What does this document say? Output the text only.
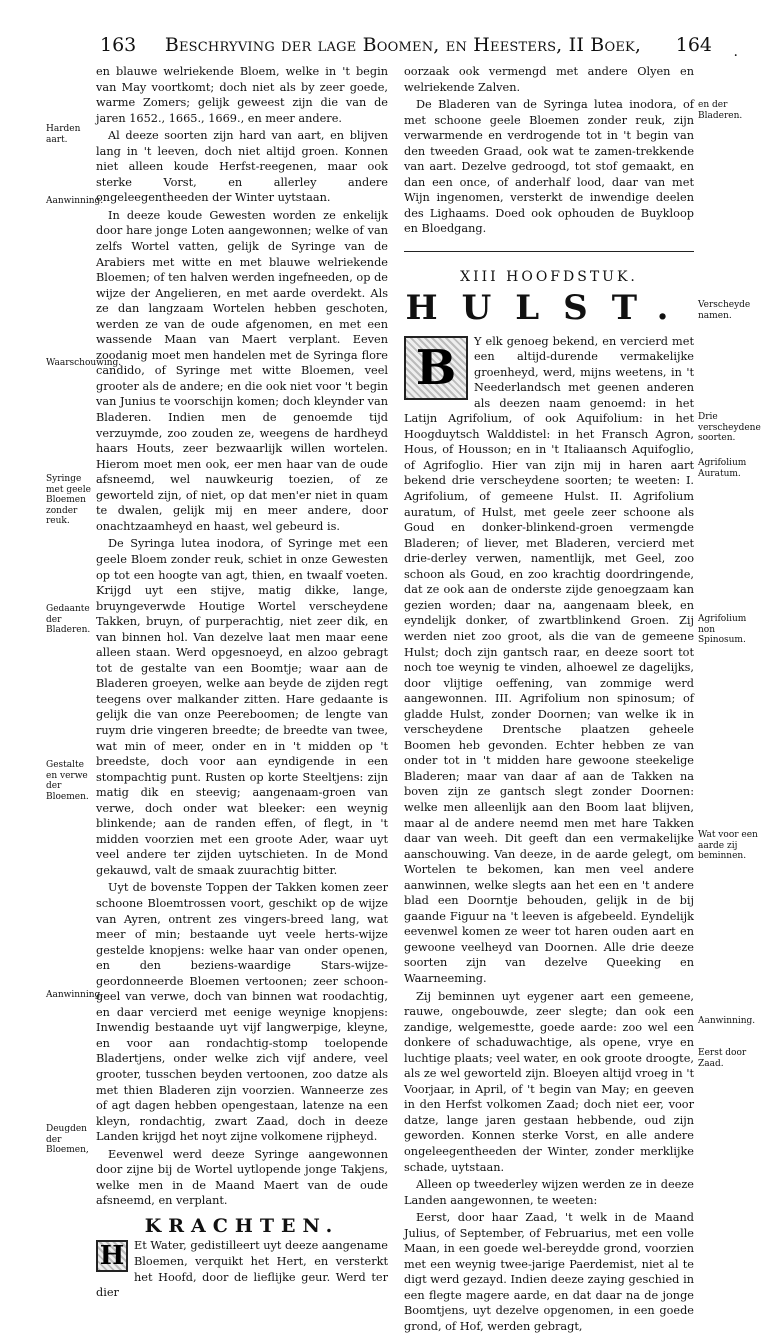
163	Beschryving der lage Boomen, en Heesters, II Boek,	164 .
Harden aart.
Aanwinning.
Waarschouwing.
Syringe met geele Bloemen zonder reuk.
Gedaante der Bladeren.
Gestalte en verwe der Bloemen.
Aanwinning.
Deugden der Bloemen,
en der Bladeren.
Verscheyde namen.
Drie verscheydene soorten.
Agrifolium Auratum.
Agrifolium non Spinosum.
Wat voor een aarde zij beminnen.
Aanwinning.
Eerst door Zaad.

en blauwe welriekende Bloem, welke in 't begin van May voortkomt; doch niet als by zeer goede, warme Zomers; gelijk geweest zijn die van de jaren 1652., 1665., 1669., en meer andere.

Al deeze soorten zijn hard van aart, en blijven lang in 't leeven, doch niet altijd groen. Konnen niet alleen koude Herfst-reegenen, maar ook sterke Vorst, en allerley andere ongeleegentheeden der Winter uytstaan.

In deeze koude Gewesten worden ze enkelijk door hare jonge Loten aangewonnen; welke of van zelfs Wortel vatten, gelijk de Syringe van de Arabiers met witte en met blauwe welriekende Bloemen; of ten halven werden ingefneeden, op de wijze der Angelieren, en met aarde overdekt. Als ze dan langzaam Wortelen hebben geschoten, werden ze van de oude afgenomen, en met een wassende Maan van Maert verplant. Eeven zoodanig moet men handelen met de Syringa flore candido, of Syringe met witte Bloemen, veel grooter als de andere; en die ook niet voor 't begin van Junius te voorschijn komen; doch kleynder van Bladeren. Indien men de genoemde tijd verzuymde, zoo zouden ze, weegens de hardheyd haars Houts, zeer bezwaarlijk willen wortelen. Hierom moet men ook, eer men haar van de oude afsneemd, wel nauwkeurig toezien, of ze geworteld zijn, of niet, op dat men'er niet in quam te dwalen, gelijk mij en meer andere, door onachtzaamheyd en haast, wel gebeurd is.

De Syringa lutea inodora, of Syringe met een geele Bloem zonder reuk, schiet in onze Gewesten op tot een hoogte van agt, thien, en twaalf voeten. Krijgd uyt een stijve, matig dikke, lange, bruyngeverwde Houtige Wortel verscheydene Takken, bruyn, of purperachtig, niet zeer dik, en van binnen hol. Van dezelve laat men maar eene alleen staan. Werd opgesnoeyd, en alzoo gebragt tot de gestalte van een Boomtje; waar aan de Bladeren groeyen, welke aan beyde de zijden regt teegens over malkander zitten. Hare gedaante is gelijk die van onze Peereboomen; de lengte van ruym drie vingeren breedte; de breedte van twee, wat min of meer, onder en in 't midden op 't breedste, doch voor aan eyndigende in een stompachtig punt. Rusten op korte Steeltjens: zijn matig dik en steevig; aangenaam-groen van verwe, doch onder wat bleeker: een weynig blinkende; aan de randen effen, of flegt, in 't midden voorzien met een groote Ader, waar uyt veel andere ter zijden uytschieten. In de Mond gekauwd, valt de smaak zuurachtig bitter.

Uyt de bovenste Toppen der Takken komen zeer schoone Bloemtrossen voort, geschikt op de wijze van Ayren, ontrent zes vingers-breed lang, wat meer of min; bestaande uyt veele herts-wijze gestelde knopjens: welke haar van onder openen, en den beziens-waardige Stars-wijze-geordonneerde Bloemen vertoonen; zeer schoon-geel van verwe, doch van binnen wat roodachtig, en daar vercierd met eenige weynige knopjens: Inwendig bestaande uyt vijf langwerpige, kleyne, en voor aan rondachtig-stomp toelopende Bladertjens, onder welke zich vijf andere, veel grooter, tusschen beyden vertoonen, zoo datze als met thien Bladeren zijn voorzien. Wanneerze zes of agt dagen hebben opengestaan, latenze na een kleyn, rondachtig, zwart Zaad, doch in deeze Landen krijgd het noyt zijne volkomene rijpheyd.

Eevenwel werd deeze Syringe aangewonnen door zijne bij de Wortel uytlopende jonge Takjens, welke men in de Maand Maert van de oude afsneemd, en verplant.

KRACHTEN.

H Et Water, gedistilleert uyt deeze aangename Bloemen, verquikt het Hert, en versterkt het Hoofd, door de lieflijke geur. Werd ter dier

oorzaak ook vermengd met andere Olyen en welriekende Zalven.

De Bladeren van de Syringa lutea inodora, of met schoone geele Bloemen zonder reuk, zijn verwarmende en verdrogende tot in 't begin van den tweeden Graad, ook wat te zamen-trekkende van aart. Dezelve gedroogd, tot stof gemaakt, en dan een once, of anderhalf lood, daar van met Wijn ingenomen, versterkt de inwendige deelen des Lighaams. Doed ook ophouden de Buykloop en Bloedgang.

XIII HOOFDSTUK.
HULST.

B	Y elk genoeg bekend, en vercierd met een altijd-durende vermakelijke groenheyd, werd, mijns weetens, in 't Neederlandsch met geenen anderen als deezen naam genoemd: in het Latijn Agrifolium, of ook Aquifolium: in het Hoogduytsch Walddistel: in het Fransch Agron, Hous, of Housson; en in 't Italiaansch Aquifoglio, of Agrifoglio. Hier van zijn mij in haren aart bekend drie verscheydene soorten; te weeten: I. Agrifolium, of gemeene Hulst. II. Agrifolium auratum, of Hulst, met geele zeer schoone als Goud en donker-blinkend-groen vermengde Bladeren; of liever, met Bladeren, vercierd met drie-derley verwen, namentlijk, met Geel, zoo schoon als Goud, en zoo krachtig doordringende, dat ze ook aan de onderste zijde genoegzaam kan gezien worden; daar na, aangenaam bleek, en eyndelijk donker, of zwartblinkend Groen. Zij werden niet zoo groot, als die van de gemeene Hulst; doch zijn gantsch raar, en deeze soort tot noch toe weynig te vinden, alhoewel ze dagelijks, door vlijtige oeffening, van zommige werd aangewonnen. III. Agrifolium non spinosum; of gladde Hulst, zonder Doornen; van welke ik in verscheydene Drentsche plaatzen geheele Boomen heb gevonden. Echter hebben ze van onder tot in 't midden hare gewoone steekelige Bladeren; maar van daar af aan de Takken na boven zijn ze gantsch slegt zonder Doornen: welke men alleenlijk aan den Boom laat blijven, maar al de andere neemd men met hare Takken daar van weeh. Dit geeft dan een vermakelijke aanschouwing. Van deeze, in de aarde gelegt, om Wortelen te bekomen, kan men veel andere aanwinnen, welke slegts aan het een en 't andere blad een Doorntje behouden, gelijk in de bij gaande Figuur na 't leeven is afgebeeld. Eyndelijk eevenwel komen ze weer tot haren ouden aart en gewoone veelheyd van Doornen. Alle drie deeze soorten zijn van dezelve Queeking en Waarneeming.

Zij beminnen uyt eygener aart een gemeene, rauwe, ongebouwde, zeer slegte; dan ook een zandige, welgemestte, goede aarde: zoo wel een donkere of schaduwachtige, als opene, vrye en luchtige plaats; veel water, en ook groote droogte, als ze wel geworteld zijn. Bloeyen altijd vroeg in 't Voorjaar, in April, of 't begin van May; en geeven in den Herfst volkomen Zaad; doch niet eer, voor datze, lange jaren gestaan hebbende, oud zijn geworden. Konnen sterke Vorst, en alle andere ongeleegentheeden der Winter, zonder merklijke schade, uytstaan.

Alleen op tweederley wijzen werden ze in deeze Landen aangewonnen, te weeten:

Eerst, door haar Zaad, 't welk in de Maand Julius, of September, of Februarius, met een volle Maan, in een goede wel-bereydde grond, voorzien met een weynig twee-jarige Paerdemist, niet al te digt werd gezayd. Indien deeze zaying geschied in een flegte magere aarde, en dat daar na de jonge Boomtjens, uyt dezelve opgenomen, in een goede grond, of Hof, werden gebragt,
